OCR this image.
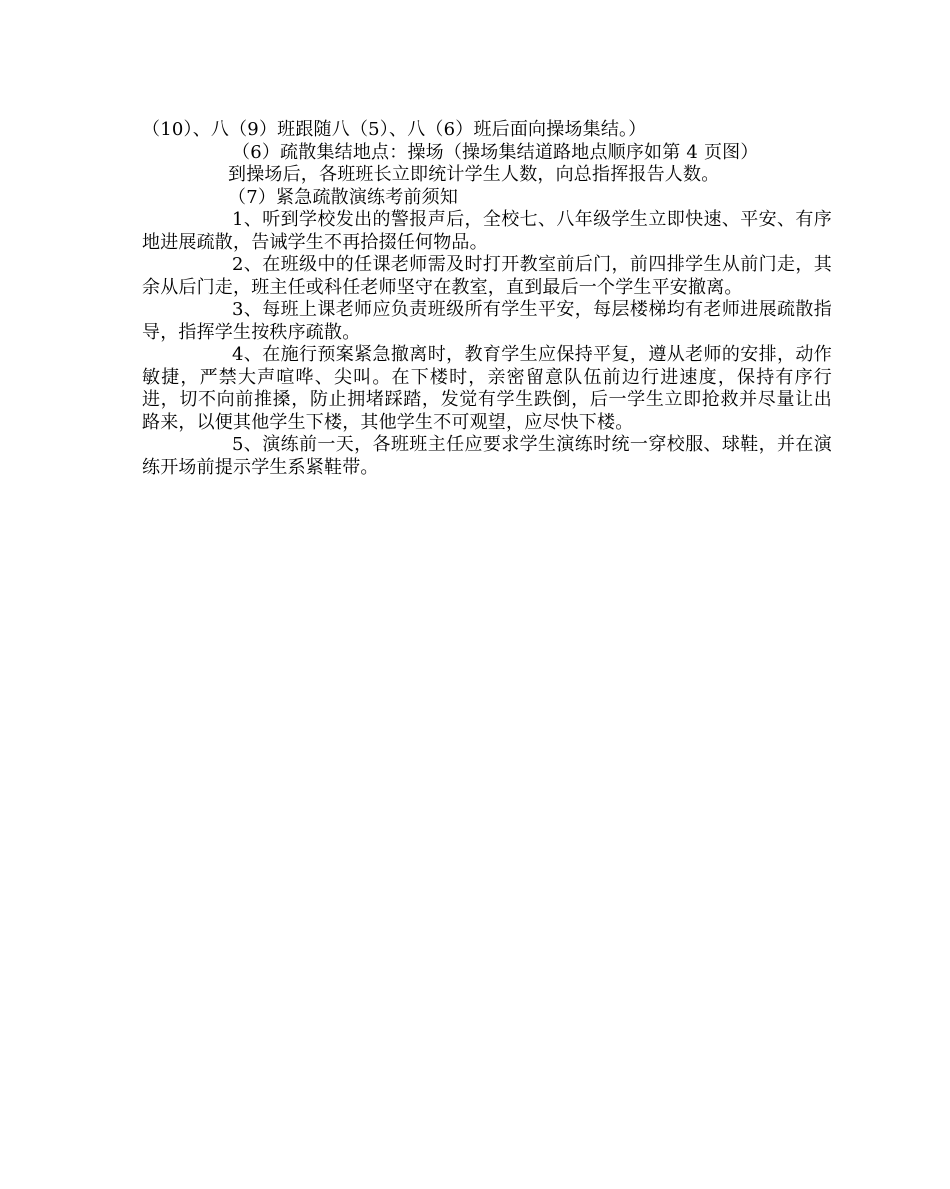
（10）、八（9）班跟随八（5）、八（6）班后面向操场集结。）

（6）疏散集结地点：操场（操场集结道路地点顺序如第 4 页图）

到操场后，各班班长立即统计学生人数，向总指挥报告人数。

（7）紧急疏散演练考前须知

1、听到学校发出的警报声后，全校七、八年级学生立即快速、平安、有序地进展疏散，告诫学生不再拾掇任何物品。

2、在班级中的任课老师需及时打开教室前后门，前四排学生从前门走，其余从后门走，班主任或科任老师坚守在教室，直到最后一个学生平安撤离。

3、每班上课老师应负责班级所有学生平安，每层楼梯均有老师进展疏散指导，指挥学生按秩序疏散。

4、在施行预案紧急撤离时，教育学生应保持平复，遵从老师的安排，动作敏捷，严禁大声喧哗、尖叫。在下楼时，亲密留意队伍前边行进速度，保持有序行进，切不向前推搡，防止拥堵踩踏，发觉有学生跌倒，后一学生立即抢救并尽量让出路来，以便其他学生下楼，其他学生不可观望，应尽快下楼。

5、演练前一天，各班班主任应要求学生演练时统一穿校服、球鞋，并在演练开场前提示学生系紧鞋带。
